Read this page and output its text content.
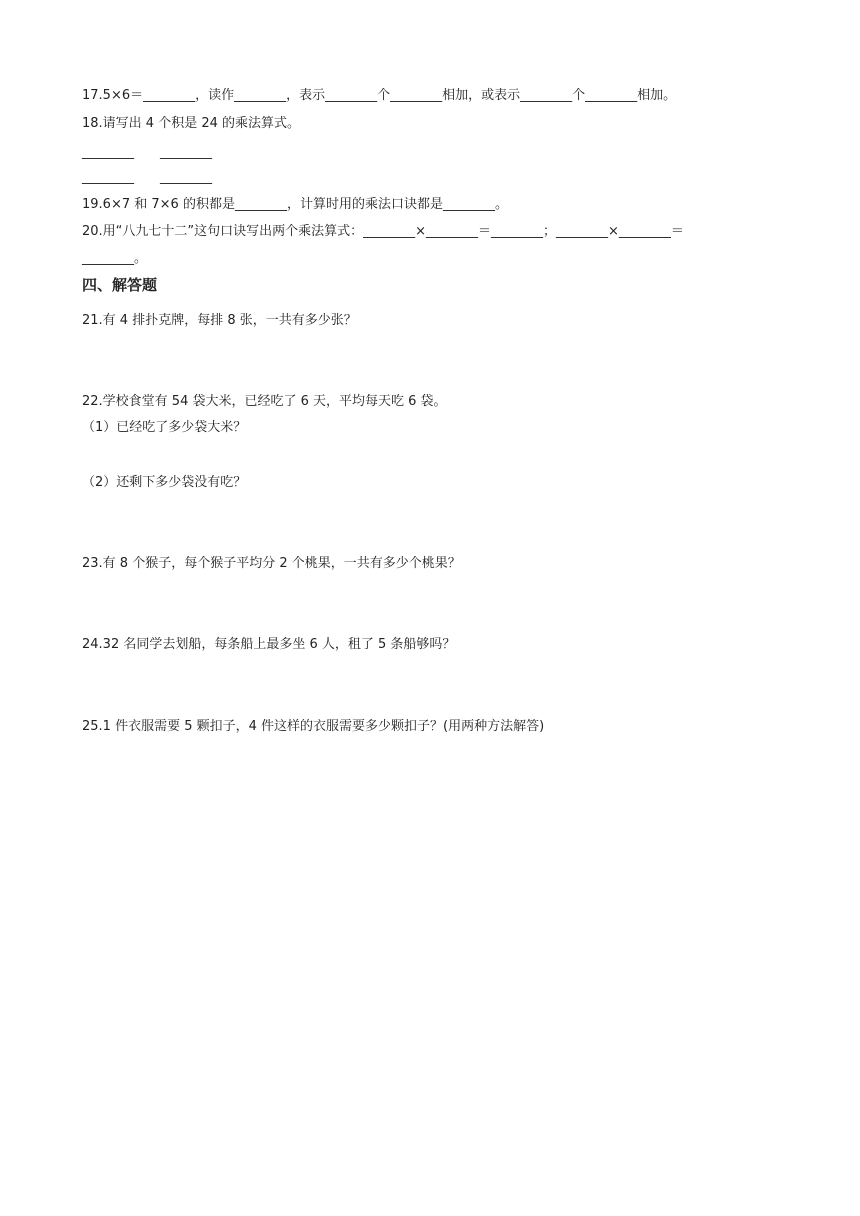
17.5×6＝________，读作________，表示________个________相加，或表示________个________相加。
18.请写出 4 个积是 24 的乘法算式。
________　　________
________　　________
19.6×7 和 7×6 的积都是________，计算时用的乘法口诀都是________。
20.用“八九七十二”这句口诀写出两个乘法算式：________×________＝________；________×________＝
________。
四、解答题
21.有 4 排扑克牌，每排 8 张，一共有多少张？
22.学校食堂有 54 袋大米，已经吃了 6 天，平均每天吃 6 袋。
（1）已经吃了多少袋大米？
（2）还剩下多少袋没有吃？
23.有 8 个猴子，每个猴子平均分 2 个桃果，一共有多少个桃果？
24.32 名同学去划船，每条船上最多坐 6 人，租了 5 条船够吗？
25.1 件衣服需要 5 颗扣子，4 件这样的衣服需要多少颗扣子？(用两种方法解答)
